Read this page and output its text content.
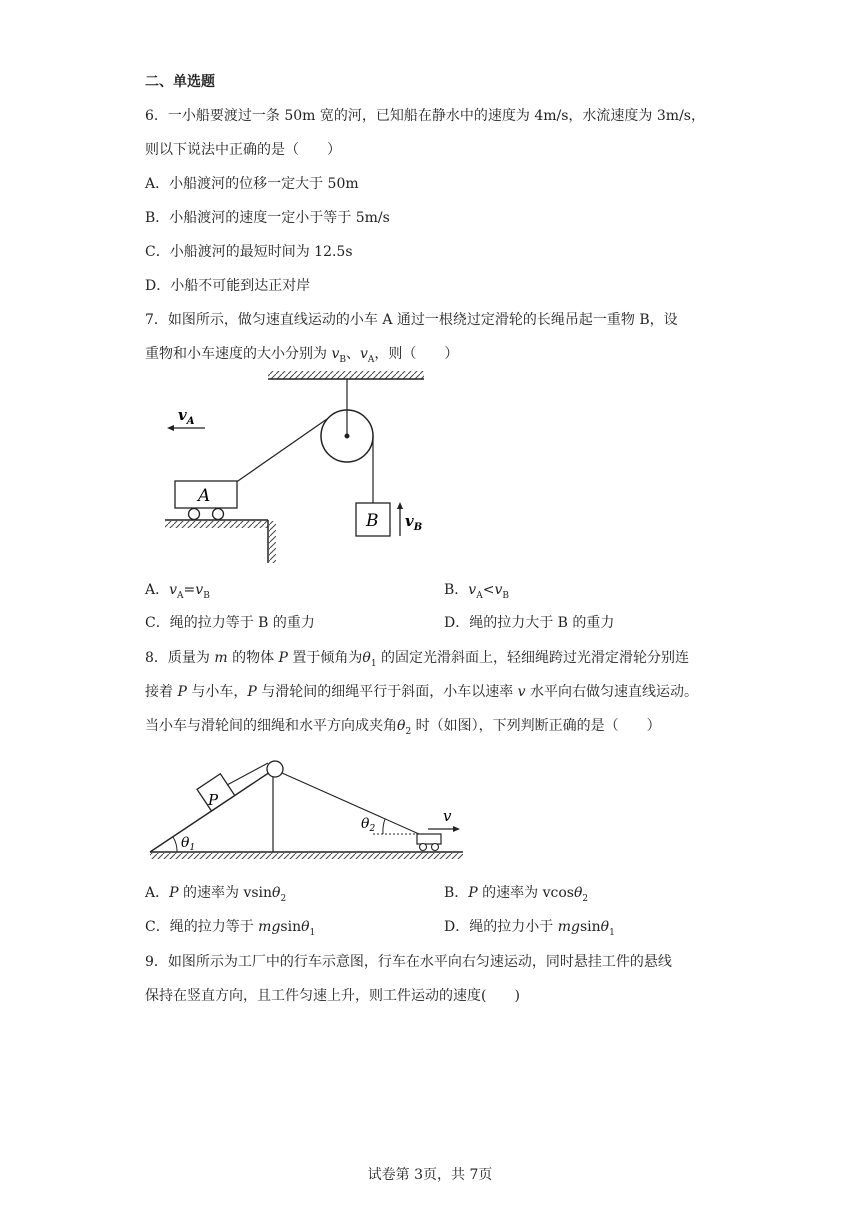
二、单选题
6．一小船要渡过一条 50m 宽的河，已知船在静水中的速度为 4m/s，水流速度为 3m/s，
则以下说法中正确的是（　　）
A．小船渡河的位移一定大于 50m
B．小船渡河的速度一定小于等于 5m/s
C．小船渡河的最短时间为 12.5s
D．小船不可能到达正对岸
7．如图所示，做匀速直线运动的小车 A 通过一根绕过定滑轮的长绳吊起一重物 B，设
重物和小车速度的大小分别为 $v_B$、$v_A$，则（　　）
$v_A$
A
B $v_B$
A．$v_A=v_B$	B．$v_A<v_B$
C．绳的拉力等于 B 的重力	D．绳的拉力大于 B 的重力
8．质量为 m 的物体 P 置于倾角为$\theta_1$ 的固定光滑斜面上，轻细绳跨过光滑定滑轮分别连
接着 P 与小车，P 与滑轮间的细绳平行于斜面，小车以速率 v 水平向右做匀速直线运动。
当小车与滑轮间的细绳和水平方向成夹角$\theta_2$ 时（如图），下列判断正确的是（　　）
P
$\theta_1$
$\theta_2$
v
A．P 的速率为 vsinθ$_2$	B．P 的速率为 vcosθ$_2$
C．绳的拉力等于 mgsinθ$_1$	D．绳的拉力小于 mgsinθ$_1$
9．如图所示为工厂中的行车示意图，行车在水平向右匀速运动，同时悬挂工件的悬线
保持在竖直方向，且工件匀速上升，则工件运动的速度(　　)
试卷第 3页，共 7页
